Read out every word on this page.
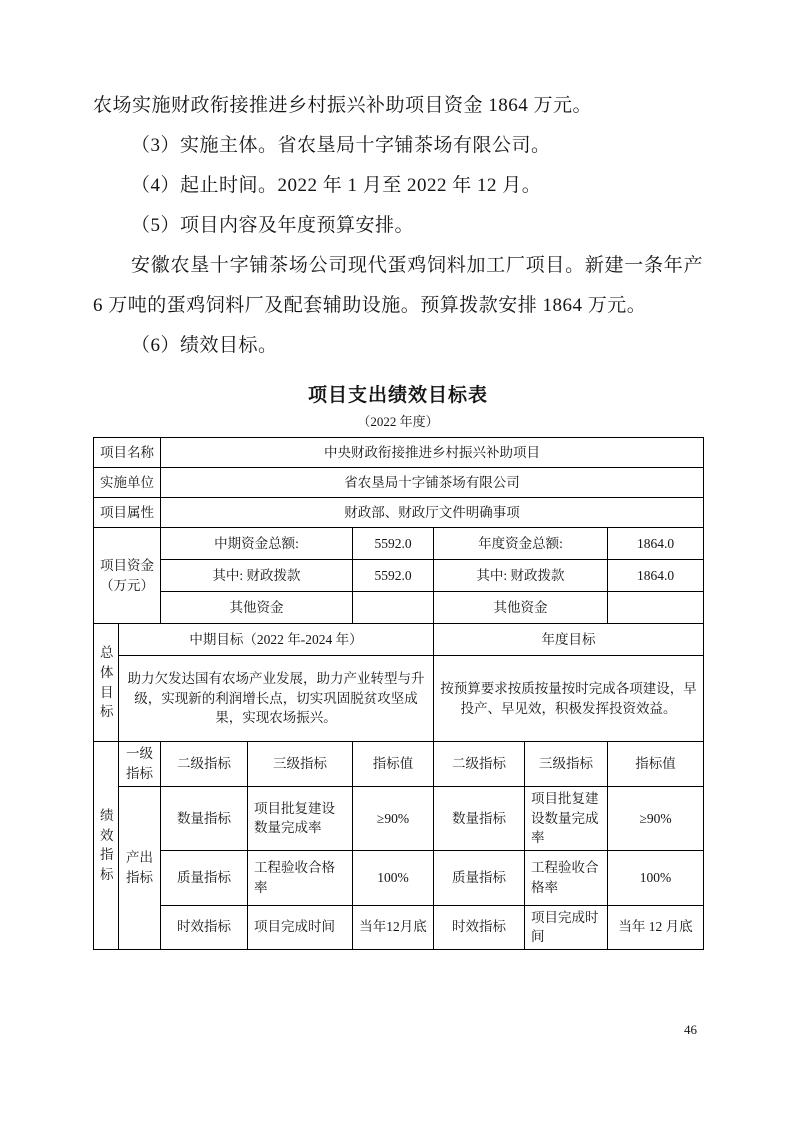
农场实施财政衔接推进乡村振兴补助项目资金 1864 万元。

（3）实施主体。省农垦局十字铺茶场有限公司。

（4）起止时间。2022 年 1 月至 2022 年 12 月。

（5）项目内容及年度预算安排。

安徽农垦十字铺茶场公司现代蛋鸡饲料加工厂项目。新建一条年产 6 万吨的蛋鸡饲料厂及配套辅助设施。预算拨款安排 1864 万元。

（6）绩效目标。

项目支出绩效目标表
（2022 年度）
项目名称		中央财政衔接推进乡村振兴补助项目					
实施单位		省农垦局十字铺茶场有限公司					
项目属性		财政部、财政厅文件明确事项					
项目资金（万元）		中期资金总额:		5592.0	年度资金总额:		1864.0
		其中: 财政拨款		5592.0	其中: 财政拨款		1864.0
		其他资金			其他资金		
总体目标	中期目标（2022 年-2024 年）				年度目标		
	助力欠发达国有农场产业发展，助力产业转型与升级，实现新的利润增长点，切实巩固脱贫攻坚成果，实现农场振兴。				按预算要求按质按量按时完成各项建设，早投产、早见效，积极发挥投资效益。		
绩效指标	一级指标	二级指标	三级指标	指标值	二级指标	三级指标	指标值
	产出指标	数量指标	项目批复建设数量完成率	≥90%	数量指标	项目批复建设数量完成率	≥90%
		质量指标	工程验收合格率	100%	质量指标	工程验收合格率	100%
		时效指标	项目完成时间	当年12月底	时效指标	项目完成时间	当年 12 月底
46
